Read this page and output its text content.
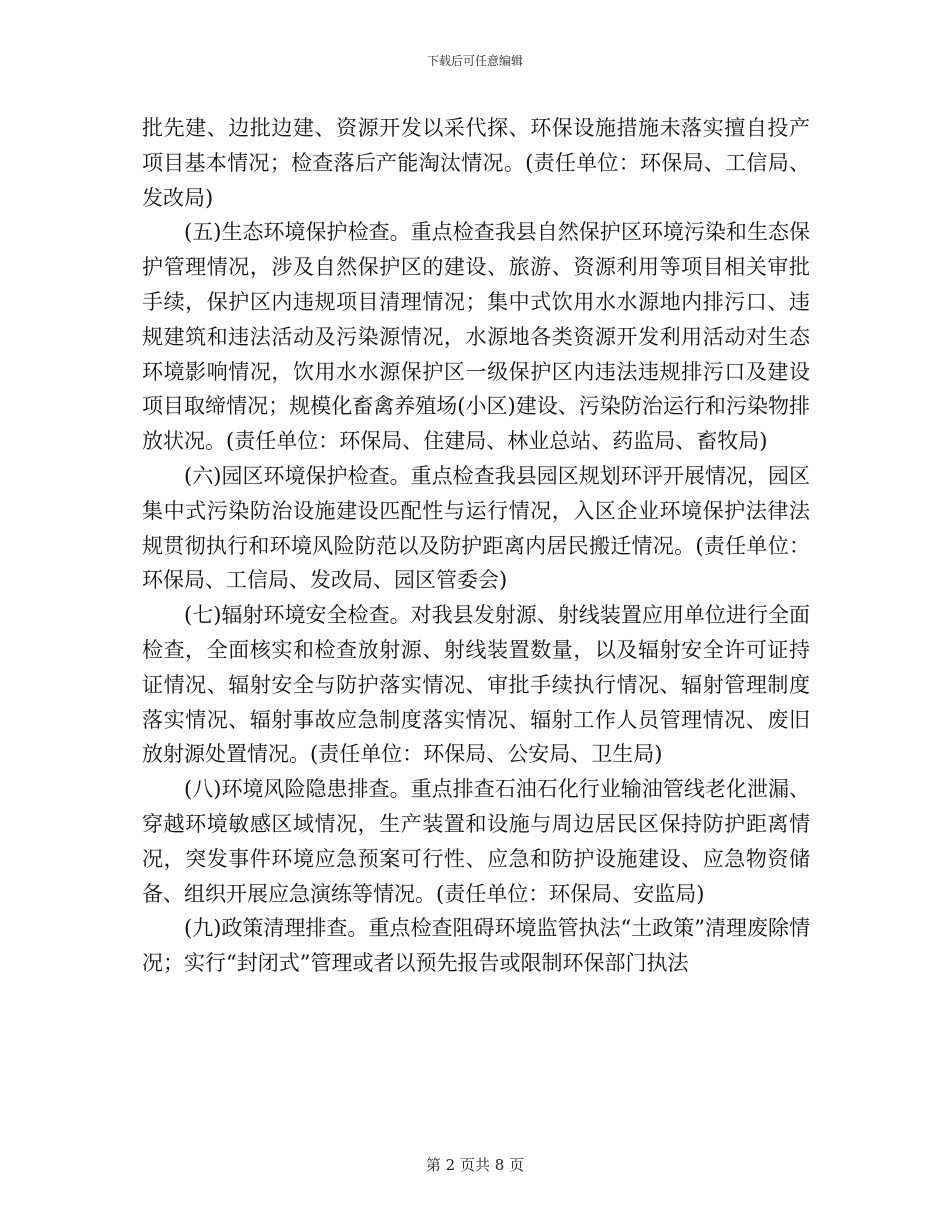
下载后可任意编辑

批先建、边批边建、资源开发以采代探、环保设施措施未落实擅自投产项目基本情况；检查落后产能淘汰情况。(责任单位：环保局、工信局、发改局)

(五)生态环境保护检查。重点检查我县自然保护区环境污染和生态保护管理情况，涉及自然保护区的建设、旅游、资源利用等项目相关审批手续，保护区内违规项目清理情况；集中式饮用水水源地内排污口、违规建筑和违法活动及污染源情况，水源地各类资源开发利用活动对生态环境影响情况，饮用水水源保护区一级保护区内违法违规排污口及建设项目取缔情况；规模化畜禽养殖场(小区)建设、污染防治运行和污染物排放状况。(责任单位：环保局、住建局、林业总站、药监局、畜牧局)

(六)园区环境保护检查。重点检查我县园区规划环评开展情况，园区集中式污染防治设施建设匹配性与运行情况，入区企业环境保护法律法规贯彻执行和环境风险防范以及防护距离内居民搬迁情况。(责任单位：环保局、工信局、发改局、园区管委会)

(七)辐射环境安全检查。对我县发射源、射线装置应用单位进行全面检查，全面核实和检查放射源、射线装置数量，以及辐射安全许可证持证情况、辐射安全与防护落实情况、审批手续执行情况、辐射管理制度落实情况、辐射事故应急制度落实情况、辐射工作人员管理情况、废旧放射源处置情况。(责任单位：环保局、公安局、卫生局)

(八)环境风险隐患排查。重点排查石油石化行业输油管线老化泄漏、穿越环境敏感区域情况，生产装置和设施与周边居民区保持防护距离情况，突发事件环境应急预案可行性、应急和防护设施建设、应急物资储备、组织开展应急演练等情况。(责任单位：环保局、安监局)

(九)政策清理排查。重点检查阻碍环境监管执法“土政策”清理废除情况；实行“封闭式”管理或者以预先报告或限制环保部门执法

第 2 页共 8 页
